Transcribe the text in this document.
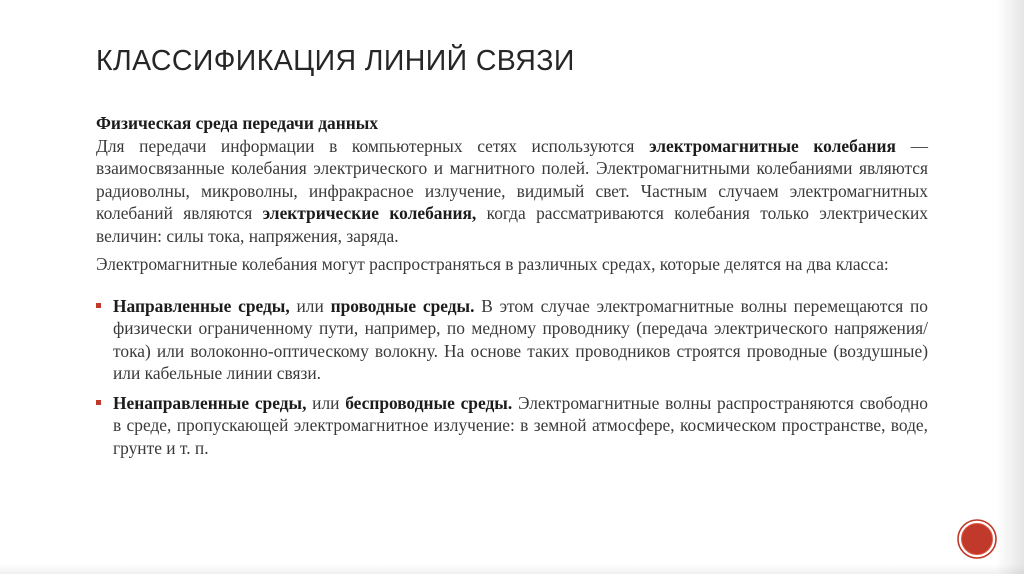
КЛАССИФИКАЦИЯ ЛИНИЙ СВЯЗИ

Физическая среда передачи данных
Для передачи информации в компьютерных сетях используются электромагнитные колебания — взаимосвязанные колебания электрического и магнитного полей. Электромагнитными колебаниями являются радиоволны, микроволны, инфракрасное излучение, видимый свет. Частным случаем электромагнитных колебаний являются электрические колебания, когда рассматриваются колебания только электрических величин: силы тока, напряжения, заряда.

Электромагнитные колебания могут распространяться в различных средах, которые делятся на два класса:

Направленные среды, или проводные среды. В этом случае электромагнитные волны перемещаются по физически ограниченному пути, например, по медному проводнику (передача электрического напряжения/тока) или волоконно-оптическому волокну. На основе таких проводников строятся проводные (воздушные) или кабельные линии связи.
Ненаправленные среды, или беспроводные среды. Электромагнитные волны распространяются свободно в среде, пропускающей электромагнитное излучение: в земной атмосфере, космическом пространстве, воде, грунте и т. п.
